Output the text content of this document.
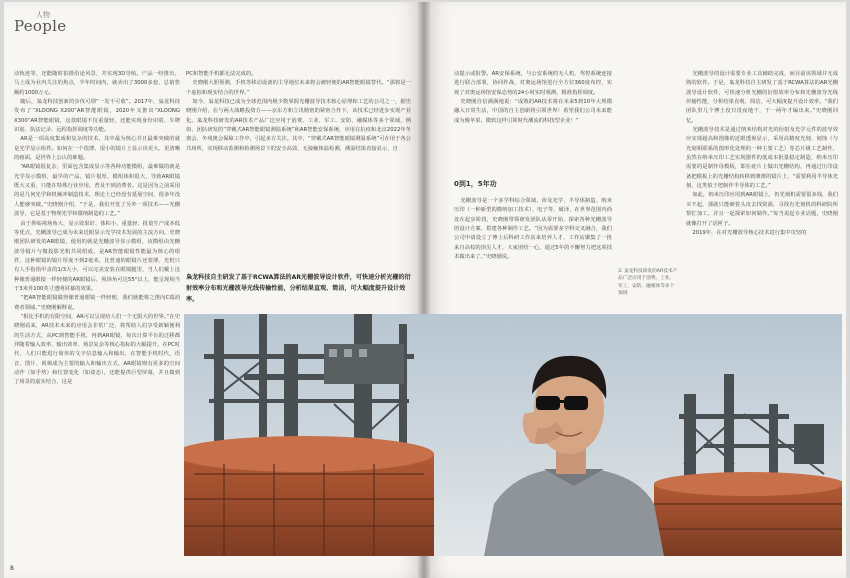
People
人物

动轨迹等，还能随时拍摄沿途风景，并实现3D导航。产品一经推出，马上成为业内关注的焦点，半年时间内，就卖出了3000多套，总销售额约1000万元。

随后，枭龙科技创新的步伐可谓“一发不可收”。2017年，枭龙科技发布了“XLOONG X200”AR智能眼镜，2020年又推出“XLOONG X300”AR智能眼镜，这款眼镜不仅重量轻，还能实现身份识别、车牌识别、执法记录、远程指挥调度等功能。

AR是一项高度集成和复杂的技术，其中最为核心并且最难突破的就是光学显示组件。如何在一个很薄、很小的镜片上显示出更大、更清晰的画面，是世界上公认的难题。

“AR眼镜很复杂，里面包含集成显示等各种功能模组，最难做的就是光学显示模组，最早的产品，镜片很厚，模组体积很大，导致AR眼镜既大又重，只能在特殊行业应用，普及不到消费者。这是因为之前采用的是几何光学和机械冲制造技术，理论上已经没有延展空间，很多年没人能够突破。”史晓刚介绍，“于是，我们开发了另外一项技术——光栅波导，它是基于物理光学和微纳制造的工艺。”

由于鼻贴视场角大、显示效果好、体积小、重量轻、批量生产成本低等优点，光栅波导已成为未来近眼显示光学技术发展的主流方向。史晓刚团队研发的AR眼镜，使用的就是光栅波导显示模组，该模组由光栅波导镜片与微投影光机共同组成，是AR智能眼镜性能最为核心的组件，这种眼镜的镜片厚度不到2毫米，比普通的眼镜片还要薄，光机只有人手指指甲盖的1/3大小，可以完美安装在眼镜腿里，当人们戴上这种像普通眼镜一样轻便的AR眼镜后，视场角可达55°以上，能呈现相当于3米外100英寸透明屏幕的效果。

“把AR智能眼镜做得像普通眼镜一样轻便，我们就能将之推向C端消费者领域。”史晓刚解释说。

“相比手机的有限空间，AR可以呈现给人们一个无限大的世界。”在史晓刚看来，AR技术未来的应用会非常广泛，将帮助人们享受新颖便利的生活方式，从PC到智能手机，再到AR眼镜，每次计算平台的迁移都伴随着输入效率、输出效率、场景复杂等核心指标的大幅提升，在PC时代，人们只能进行简单的文字信息输入和输出，在智能手机时代，语音、图片、视频成为主要的输入和输出方式，AR眼镜则有更多的空间动作（如手势）和位置变化（如姿态），还能提供巨型屏幕，并且做到了场景的虚实结合，这是

PC和智能手机都无法完成的。

史晓刚大胆预测，手机等移动设备的主导地位未来将会被轻便的AR智能眼镜替代。“那将是一个虚拟和现实结合的世界。”

如今，枭龙科技已成为全球范围内极少数掌握光栅波导技术核心原理和工艺的公司之一，据史晓刚介绍，在与两大战略投资方——京东方和立讯精密的紧密合作下，该技术已经进步实现产业化。枭龙科技研发的AR技术产品广泛应用于消费、工业、军工、安防、融媒体等多个领域，例如，团队研发的“穿戴式AR智能眼镜测温系统”和AR智能安保系统，应用在抗疫和北京2022年冬奥会、冬残奥会保障工作中，引起多方关注。其中，“穿戴式AR智能眼镜测温系统”可在用于各公共场所，实现移动监测和检测场景下的安全高效、无接触体温检测，测温结果直接显示，自

枭龙科技自主研发了基于RCWA算法的AR光栅波导设计软件，可快速分析光栅的衍射效率分布和光栅波导光线传输性能，分析结果直观、简洁，可大幅度提升设计效率。

动提示或报警。AR安保系统，与公安系统的无人机、驾控系统连接进行联合部署，协同作战，对奥运场馆进行全方位360度布控，实现了对奥运场馆安保态势的24小时实时观测，精准指挥调度。

史晓刚自信满满地说：“成熟的AR技术将在未来5到10年大规模融入日常生活，中国的自主创新将引领世界！希望我们公司未来能成为像苹果、微软这样引领时代潮流的科技型企业！”

0到1，5年功

光栅波导是一个多学科综合领域，涉及光学、半导体制造、纳米压印（一种新型的微纳加工技术）、电子等，破译，在世界范围内尚处在起步阶段，史晓刚带领研发团队从零开始，探索各种光栅波导的设计方案、搭建各种制作工艺。“因为需要多学科交叉融合，我们公司申请设立了博士后科研工作站来培养人才，工作站聚集了一批来自高校的顶尖人才，大家团结一心，通过5年的不懈努力把这项技术做出来了。”史晓刚说。

3. 枭龙科技研发的AR技术产品广泛应用于消费、工业、军工、安防、融媒体等多个领域

光栅波导的设计需要专业工具辅助完成，而目前该领域并无成熟的软件。于是，枭龙科技自主研发了基于RCWA算法的AR光栅波导设计软件，可快速分析光栅的衍射效率分布和光栅波导光线传输性能，分析结果直观、简洁，可大幅度提升设计效率。“我们团队里几个博士没日没夜地干，干一两年才编出来。”史晓刚回忆。

光栅波导技术是通过纳米结构对光的衍射及光学元件的波导效应实现超高和图像的近眼透视显示，采用高精度光刻、刻蚀（与光刻相联系的图形化处理的一种主要工艺）等芯片级工艺制作，虽然在纳米压印工艺实现器件的低成本批量稳定制造，纳米压印需要的是制作母模板，即在硅片上做出光栅结构，再通过压印设备把模板上的光栅结构转移到薄薄的镜片上，“需要利用半导体光刻，这类似于把制作半导体的工艺。”

如此，纳米压印应用到AR眼镜上，仍光刻机需要很多钱，我们买不起，那就只能硬着头皮去找资源，寻找有光刻机的科研院所帮忙加工，并且一起探索如何制作。”每当说起专业话题，史晓刚就像打开了话匣子。

2019年，在对光栅波导核心技术进行集中攻坚的

8
